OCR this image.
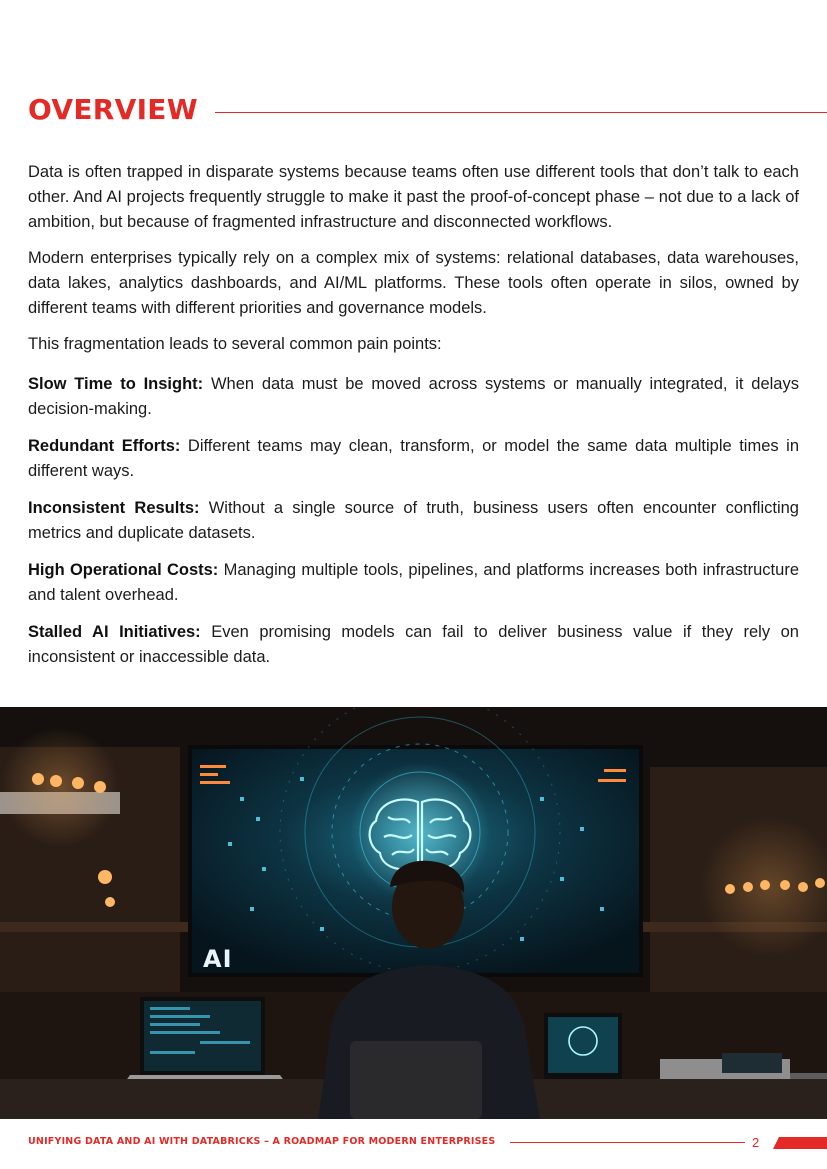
OVERVIEW

Data is often trapped in disparate systems because teams often use different tools that don’t talk to each other. And AI projects frequently struggle to make it past the proof-of-concept phase – not due to a lack of ambition, but because of fragmented infrastructure and disconnected workflows.

Modern enterprises typically rely on a complex mix of systems: relational databases, data warehouses, data lakes, analytics dashboards, and AI/ML platforms. These tools often operate in silos, owned by different teams with different priorities and governance models.

This fragmentation leads to several common pain points:

Slow Time to Insight: When data must be moved across systems or manually integrated, it delays decision-making.

Redundant Efforts: Different teams may clean, transform, or model the same data multiple times in different ways.

Inconsistent Results: Without a single source of truth, business users often encounter conflicting metrics and duplicate datasets.

High Operational Costs: Managing multiple tools, pipelines, and platforms increases both infrastructure and talent overhead.

Stalled AI Initiatives: Even promising models can fail to deliver business value if they rely on inconsistent or inaccessible data.

AI
UNIFYING DATA AND AI WITH DATABRICKS – A ROADMAP FOR MODERN ENTERPRISES	2
